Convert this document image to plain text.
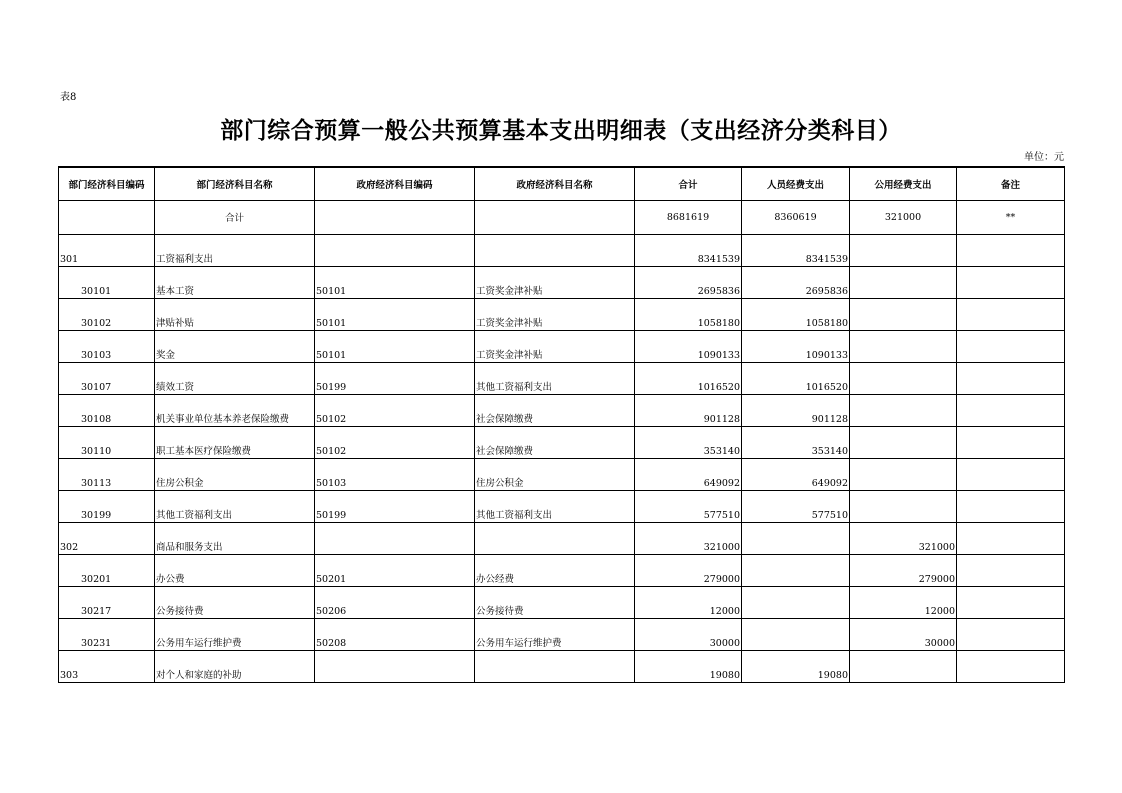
表8
部门综合预算一般公共预算基本支出明细表（支出经济分类科目）
单位：元
部门经济科目编码	部门经济科目名称	政府经济科目编码	政府经济科目名称	合计	人员经费支出	公用经费支出	备注
	合计			8681619	8360619	321000	**
301	工资福利支出			8341539	8341539		
30101	基本工资	50101	工资奖金津补贴	2695836	2695836		
30102	津贴补贴	50101	工资奖金津补贴	1058180	1058180		
30103	奖金	50101	工资奖金津补贴	1090133	1090133		
30107	绩效工资	50199	其他工资福利支出	1016520	1016520		
30108	机关事业单位基本养老保险缴费	50102	社会保障缴费	901128	901128		
30110	职工基本医疗保险缴费	50102	社会保障缴费	353140	353140		
30113	住房公积金	50103	住房公积金	649092	649092		
30199	其他工资福利支出	50199	其他工资福利支出	577510	577510		
302	商品和服务支出			321000		321000	
30201	办公费	50201	办公经费	279000		279000	
30217	公务接待费	50206	公务接待费	12000		12000	
30231	公务用车运行维护费	50208	公务用车运行维护费	30000		30000	
303	对个人和家庭的补助			19080	19080		
